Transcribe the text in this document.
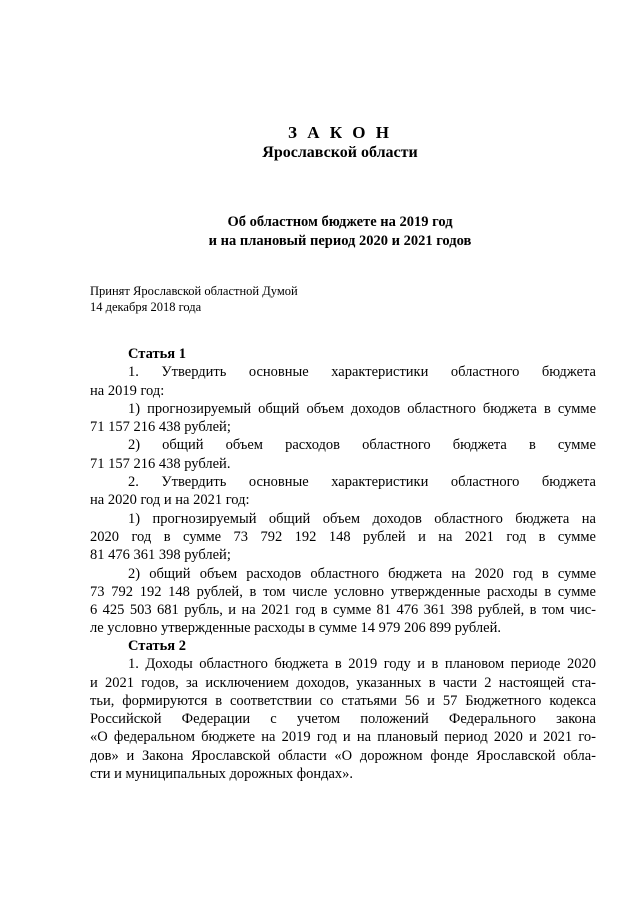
З А К О Н
Ярославской области
Об областном бюджете на 2019 год
и на плановый период 2020 и 2021 годов
Принят Ярославской областной Думой
14 декабря 2018 года

Статья 1

1. Утвердить основные характеристики областного бюджета
на 2019 год:
1) прогнозируемый общий объем доходов областного бюджета в сумме
71 157 216 438 рублей;
2) общий объем расходов областного бюджета в сумме
71 157 216 438 рублей.
2. Утвердить основные характеристики областного бюджета
на 2020 год и на 2021 год:
1) прогнозируемый общий объем доходов областного бюджета на
2020 год в сумме 73 792 192 148 рублей и на 2021 год в сумме
81 476 361 398 рублей;
2) общий объем расходов областного бюджета на 2020 год в сумме
73 792 192 148 рублей, в том числе условно утвержденные расходы в сумме
6 425 503 681 рубль, и на 2021 год в сумме 81 476 361 398 рублей, в том чис-
ле условно утвержденные расходы в сумме 14 979 206 899 рублей.

Статья 2

1. Доходы областного бюджета в 2019 году и в плановом периоде 2020
и 2021 годов, за исключением доходов, указанных в части 2 настоящей ста-
тьи, формируются в соответствии со статьями 56 и 57 Бюджетного кодекса
Российской Федерации с учетом положений Федерального закона
«О федеральном бюджете на 2019 год и на плановый период 2020 и 2021 го-
дов» и Закона Ярославской области «О дорожном фонде Ярославской обла-
сти и муниципальных дорожных фондах».
